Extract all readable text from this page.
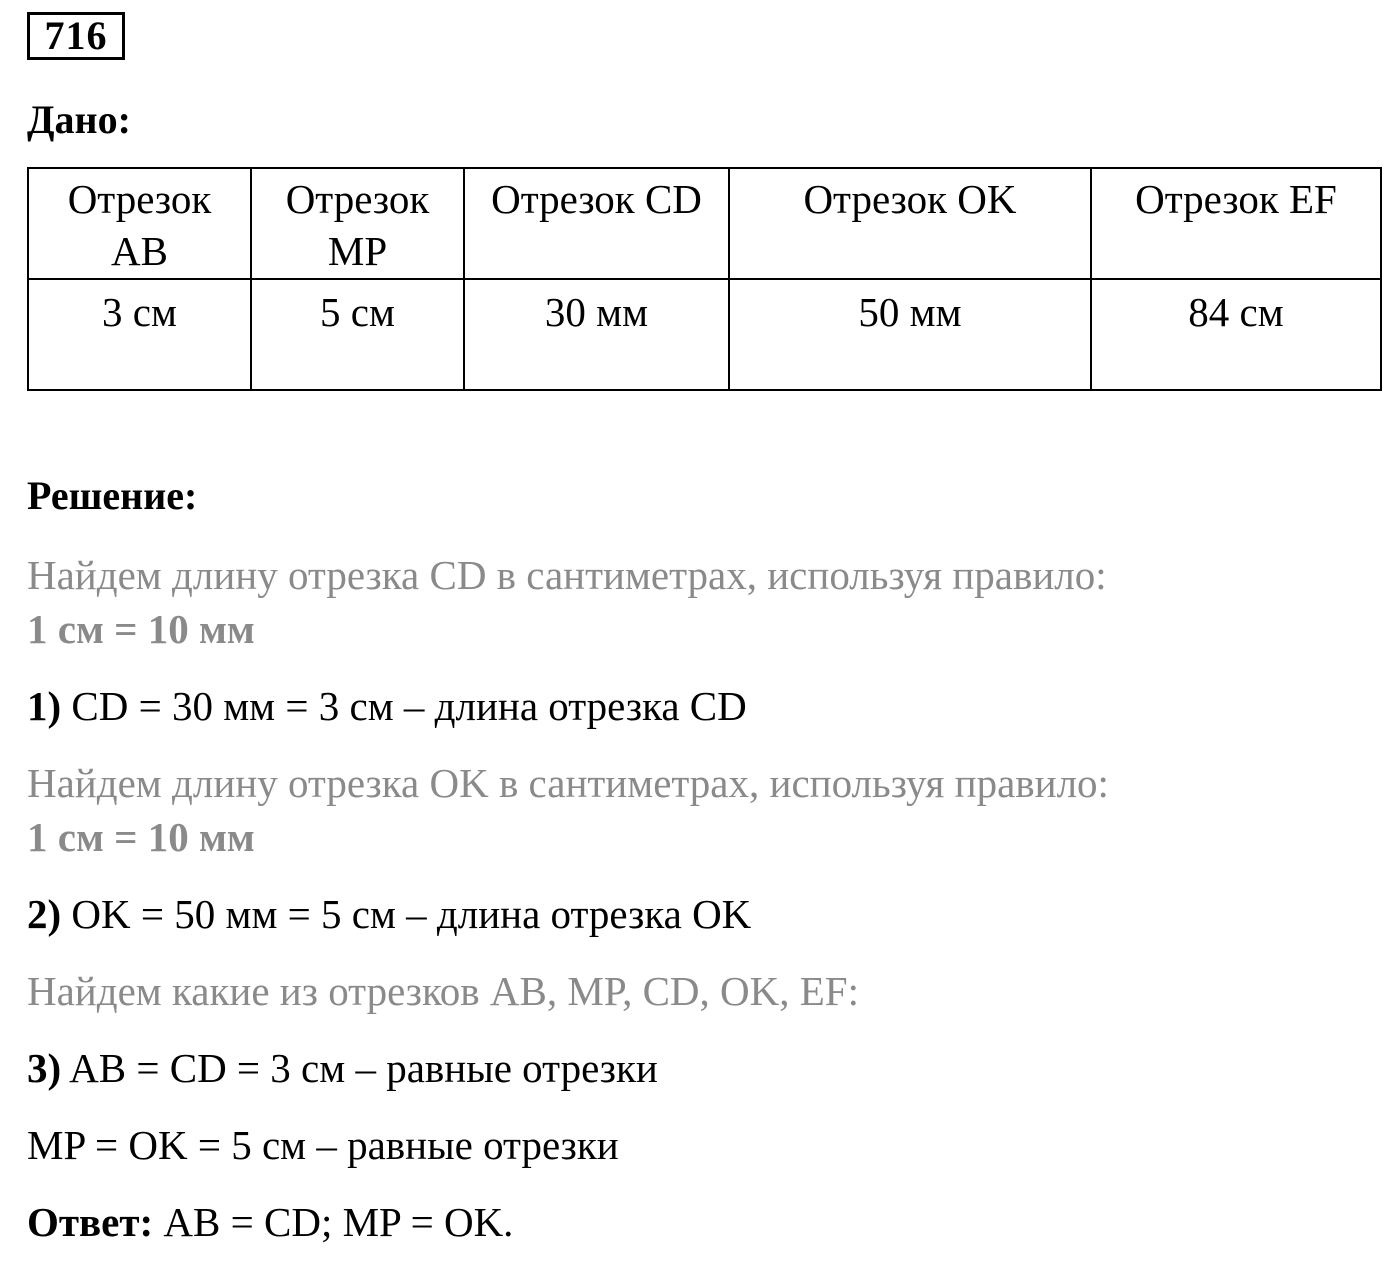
716

Дано:

Отрезок AB	Отрезок MP	Отрезок CD	Отрезок OK	Отрезок EF
3 см	5 см	30 мм	50 мм	84 см

Решение:

Найдем длину отрезка CD в сантиметрах, используя правило:

1 см = 10 мм

1) CD = 30 мм = 3 см – длина отрезка CD

Найдем длину отрезка OK в сантиметрах, используя правило:

1 см = 10 мм

2) OK = 50 мм = 5 см – длина отрезка OK

Найдем какие из отрезков AB, MP, CD, OK, EF:

3) AB = CD = 3 см – равные отрезки

MP = OK = 5 см – равные отрезки

Ответ: AB = CD; MP = OK.
